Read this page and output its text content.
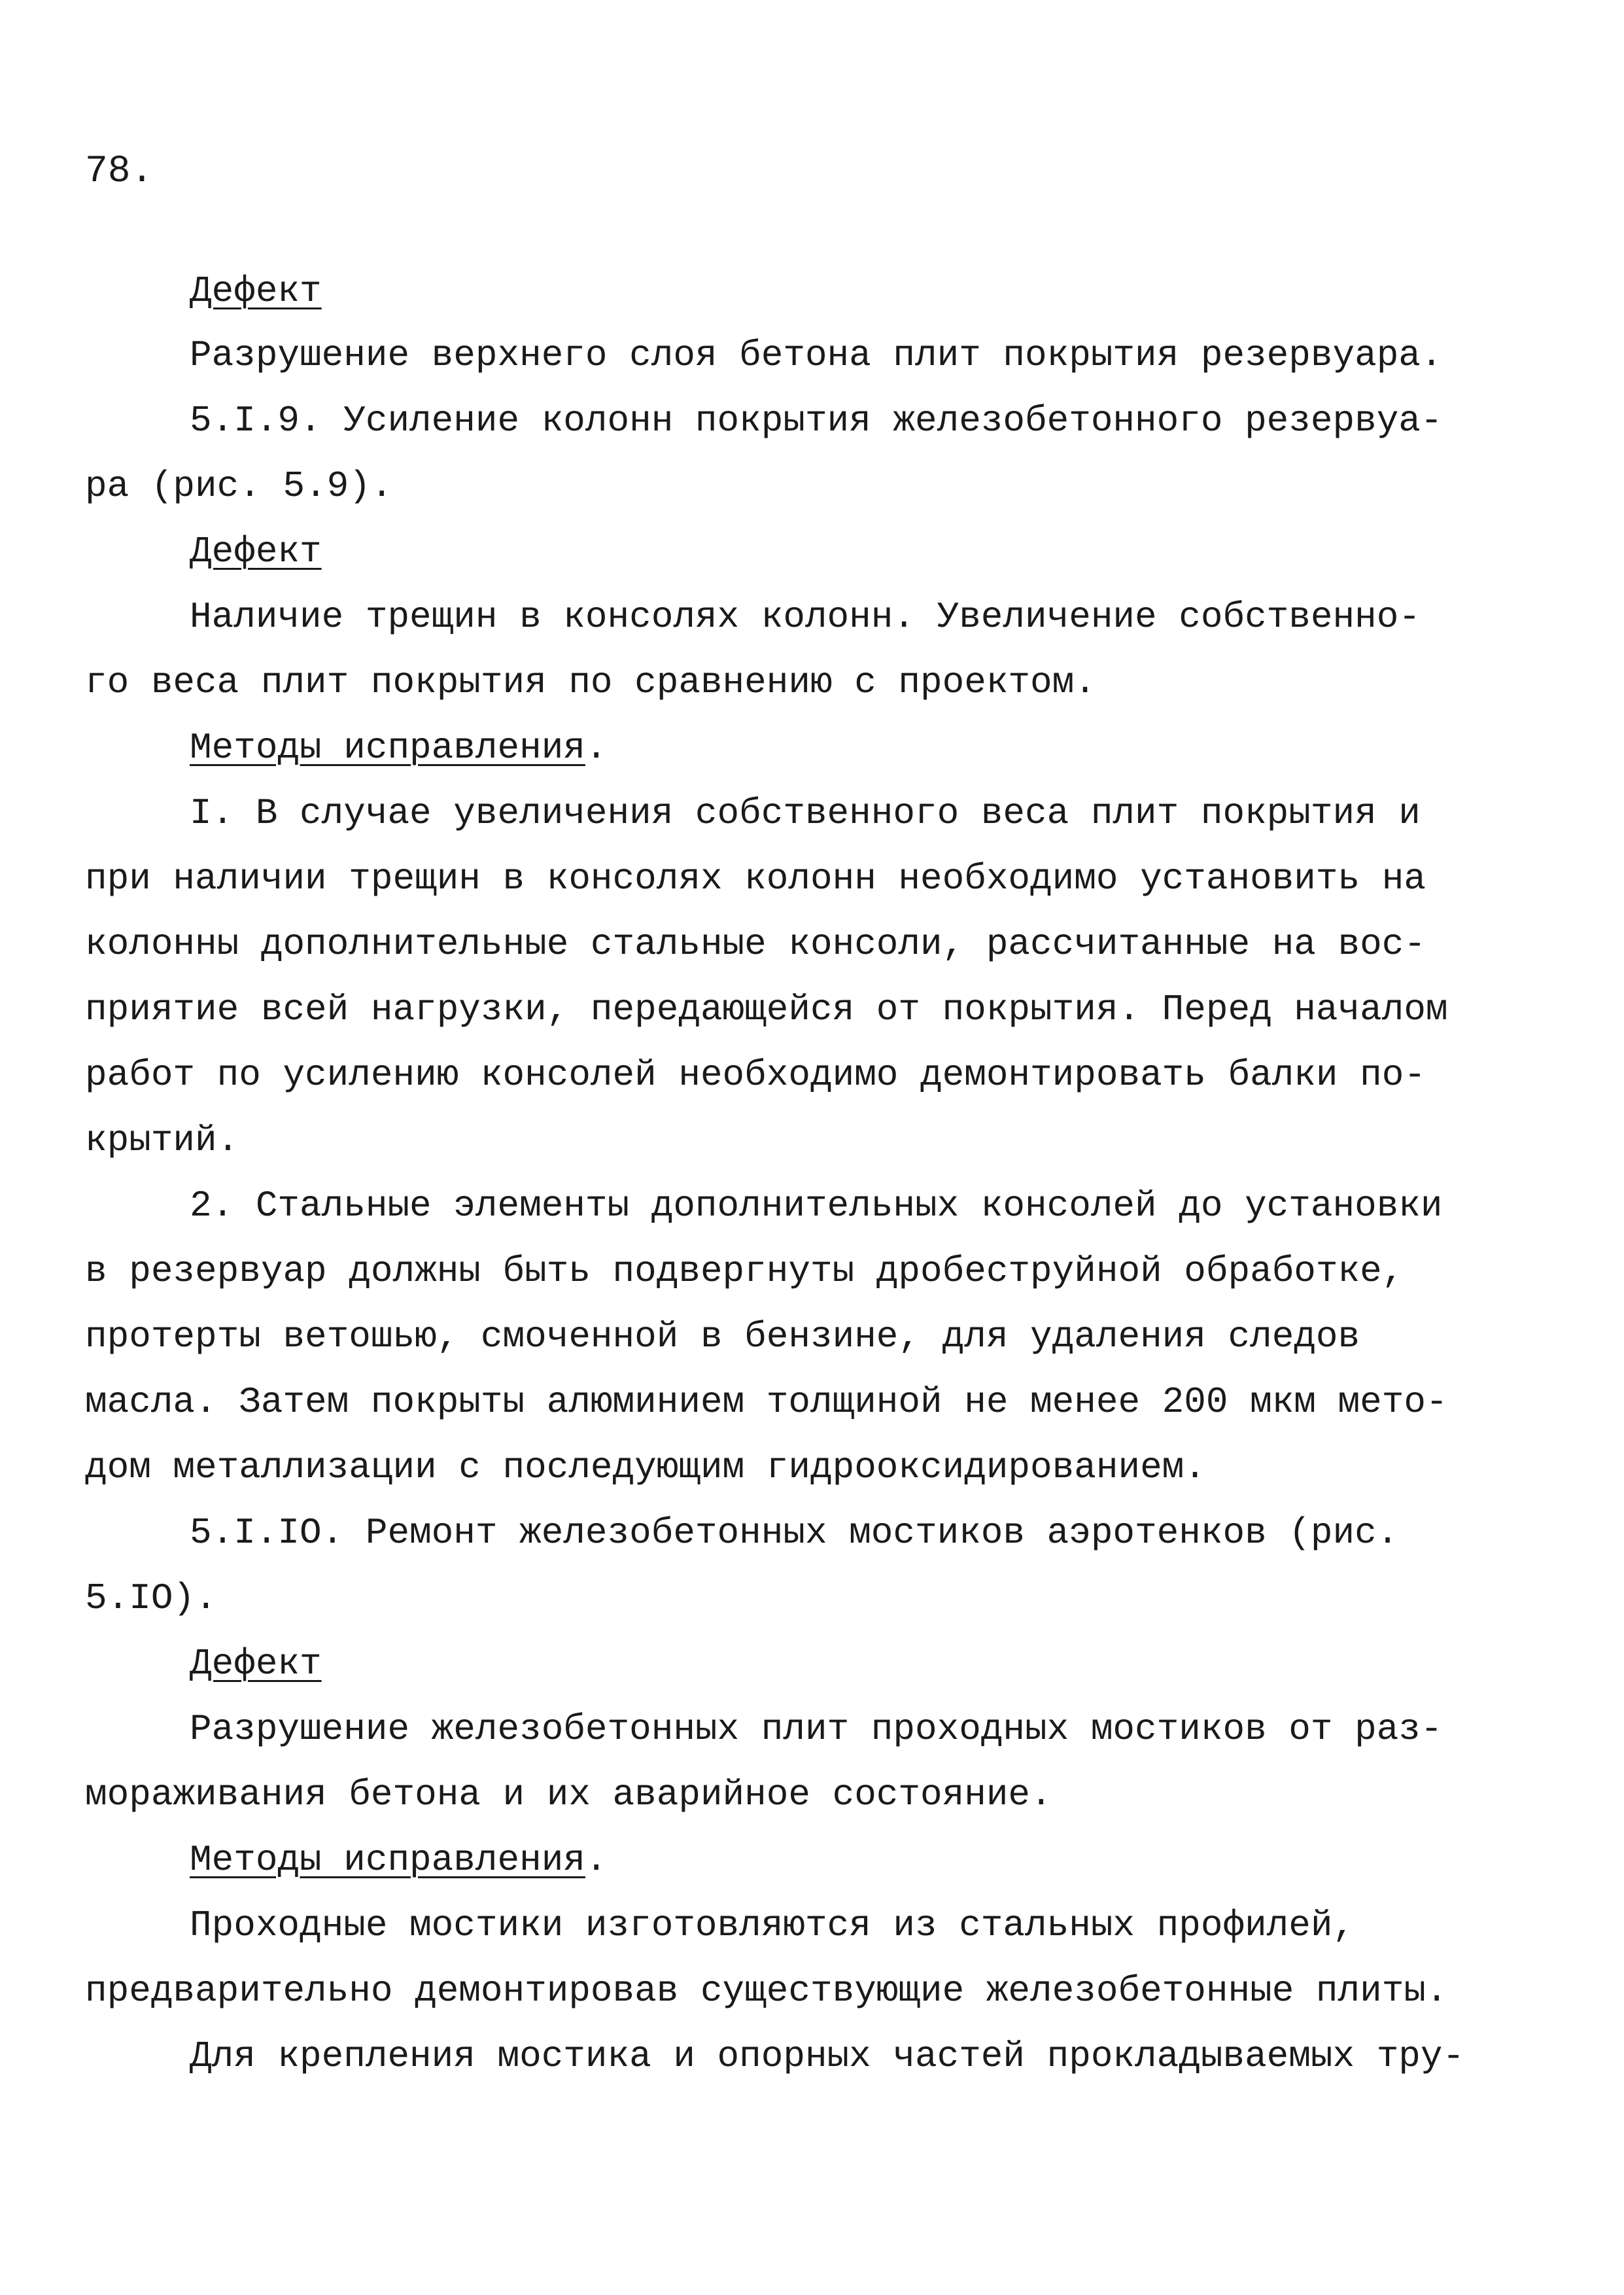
78.
Дефект
Разрушение верхнего слоя бетона плит покрытия резервуара.
5.I.9. Усиление колонн покрытия железобетонного резервуа-
ра (рис. 5.9).
Дефект
Наличие трещин в консолях колонн. Увеличение собственно-
го веса плит покрытия по сравнению с проектом.
Методы исправления.
I. В случае увеличения собственного веса плит покрытия и
при наличии трещин в консолях колонн необходимо установить на
колонны дополнительные стальные консоли, рассчитанные на вос-
приятие всей нагрузки, передающейся от покрытия. Перед началом
работ по усилению консолей необходимо демонтировать балки по-
крытий.
2. Стальные элементы дополнительных консолей до установки
в резервуар должны быть подвергнуты дробеструйной обработке,
протерты ветошью, смоченной в бензине, для удаления следов
масла. Затем покрыты алюминием толщиной не менее 200 мкм мето-
дом металлизации с последующим гидрооксидированием.
5.I.IO. Ремонт железобетонных мостиков аэротенков (рис.
5.IO).
Дефект
Разрушение железобетонных плит проходных мостиков от раз-
мораживания бетона и их аварийное состояние.
Методы исправления.
Проходные мостики изготовляются из стальных профилей,
предварительно демонтировав существующие железобетонные плиты.
Для крепления мостика и опорных частей прокладываемых тру-
